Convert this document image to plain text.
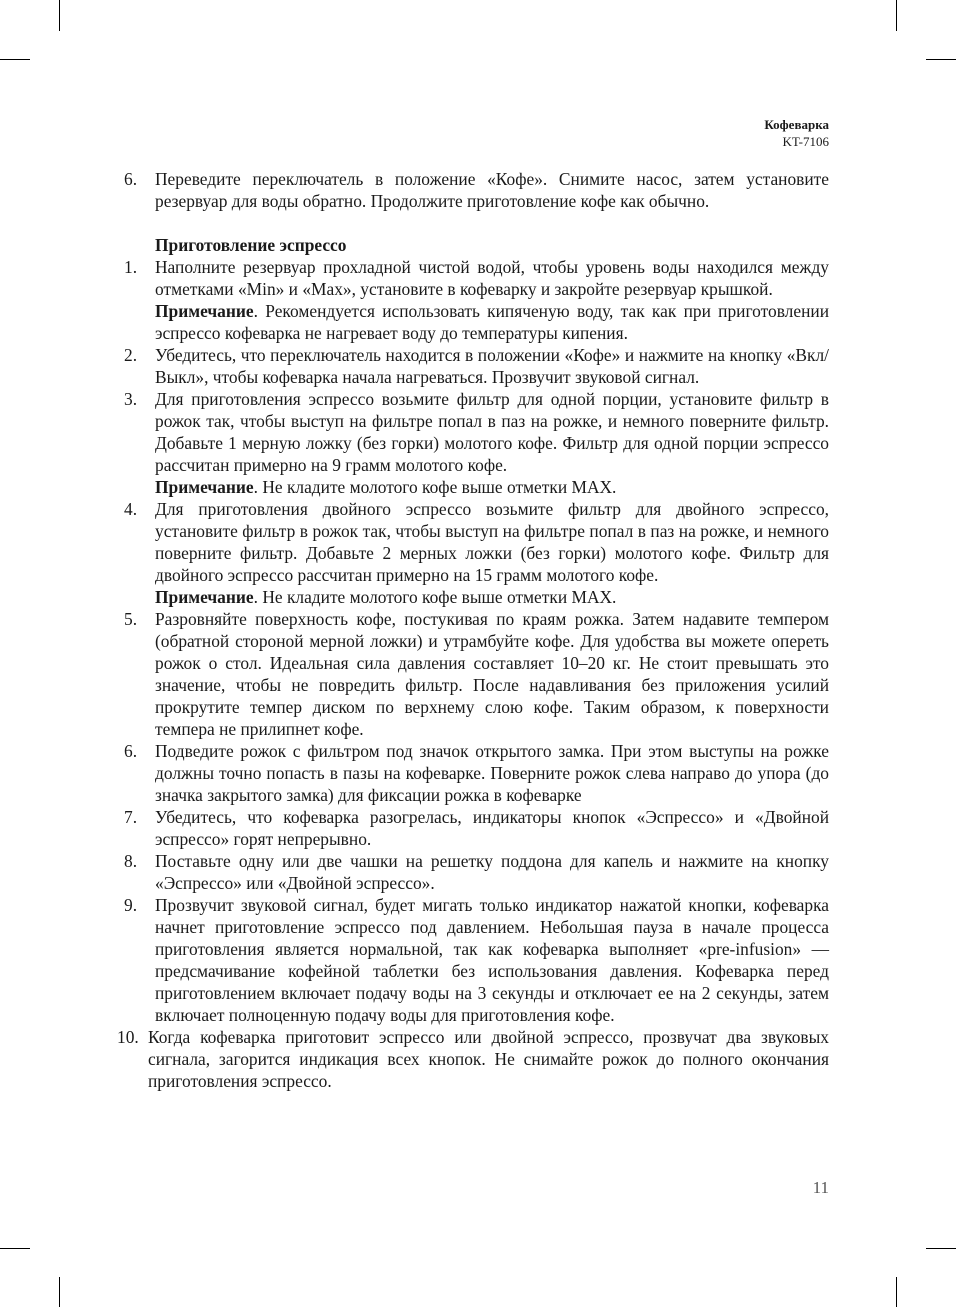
Кофеварка
KT-7106
6.	Переведите переключатель в положение «Кофе». Снимите насос, затем установите резервуар для воды обратно. Продолжите приготовление кофе как обычно.
Приготовление эспрессо
1.	Наполните резервуар прохладной чистой водой, чтобы уровень воды находился между отметками «Min» и «Max», установите в кофеварку и закройте резервуар крышкой.
Примечание. Рекомендуется использовать кипяченую воду, так как при приготовлении эспрессо кофеварка не нагревает воду до температуры кипения.
2.	Убедитесь, что переключатель находится в положении «Кофе» и нажмите на кнопку «Вкл/Выкл», чтобы кофеварка начала нагреваться. Прозвучит звуковой сигнал.
3.	Для приготовления эспрессо возьмите фильтр для одной порции, установите фильтр в рожок так, чтобы выступ на фильтре попал в паз на рожке, и немного поверните фильтр. Добавьте 1 мерную ложку (без горки) молотого кофе. Фильтр для одной порции эспрессо рассчитан примерно на 9 грамм молотого кофе.
Примечание. Не кладите молотого кофе выше отметки MAX.
4.	Для приготовления двойного эспрессо возьмите фильтр для двойного эспрессо, установите фильтр в рожок так, чтобы выступ на фильтре попал в паз на рожке, и немного поверните фильтр. Добавьте 2 мерных ложки (без горки) молотого кофе. Фильтр для двойного эспрессо рассчитан примерно на 15 грамм молотого кофе.
Примечание. Не кладите молотого кофе выше отметки MAX.
5.	Разровняйте поверхность кофе, постукивая по краям рожка. Затем надавите темпером (обратной стороной мерной ложки) и утрамбуйте кофе. Для удобства вы можете опереть рожок о стол. Идеальная сила давления составляет 10–20 кг. Не стоит превышать это значение, чтобы не повредить фильтр. После надавливания без приложения усилий прокрутите темпер диском по верхнему слою кофе. Таким образом, к поверхности темпера не прилипнет кофе.
6.	Подведите рожок с фильтром под значок открытого замка. При этом выступы на рожке должны точно попасть в пазы на кофеварке. Поверните рожок слева направо до упора (до значка закрытого замка) для фиксации рожка в кофеварке
7.	Убедитесь, что кофеварка разогрелась, индикаторы кнопок «Эспрессо» и «Двойной эспрессо» горят непрерывно.
8.	Поставьте одну или две чашки на решетку поддона для капель и нажмите на кнопку «Эспрессо» или «Двойной эспрессо».
9.	Прозвучит звуковой сигнал, будет мигать только индикатор нажатой кнопки, кофеварка начнет приготовление эспрессо под давлением. Небольшая пауза в начале процесса приготовления является нормальной, так как кофеварка выполняет «pre-infusion» — предсмачивание кофейной таблетки без использования давления. Кофеварка перед приготовлением включает подачу воды на 3 секунды и отключает ее на 2 секунды, затем включает полноценную подачу воды для приготовления кофе.
10. Когда кофеварка приготовит эспрессо или двойной эспрессо, прозвучат два звуковых сигнала, загорится индикация всех кнопок. Не снимайте рожок до полного окончания приготовления эспрессо.
11
